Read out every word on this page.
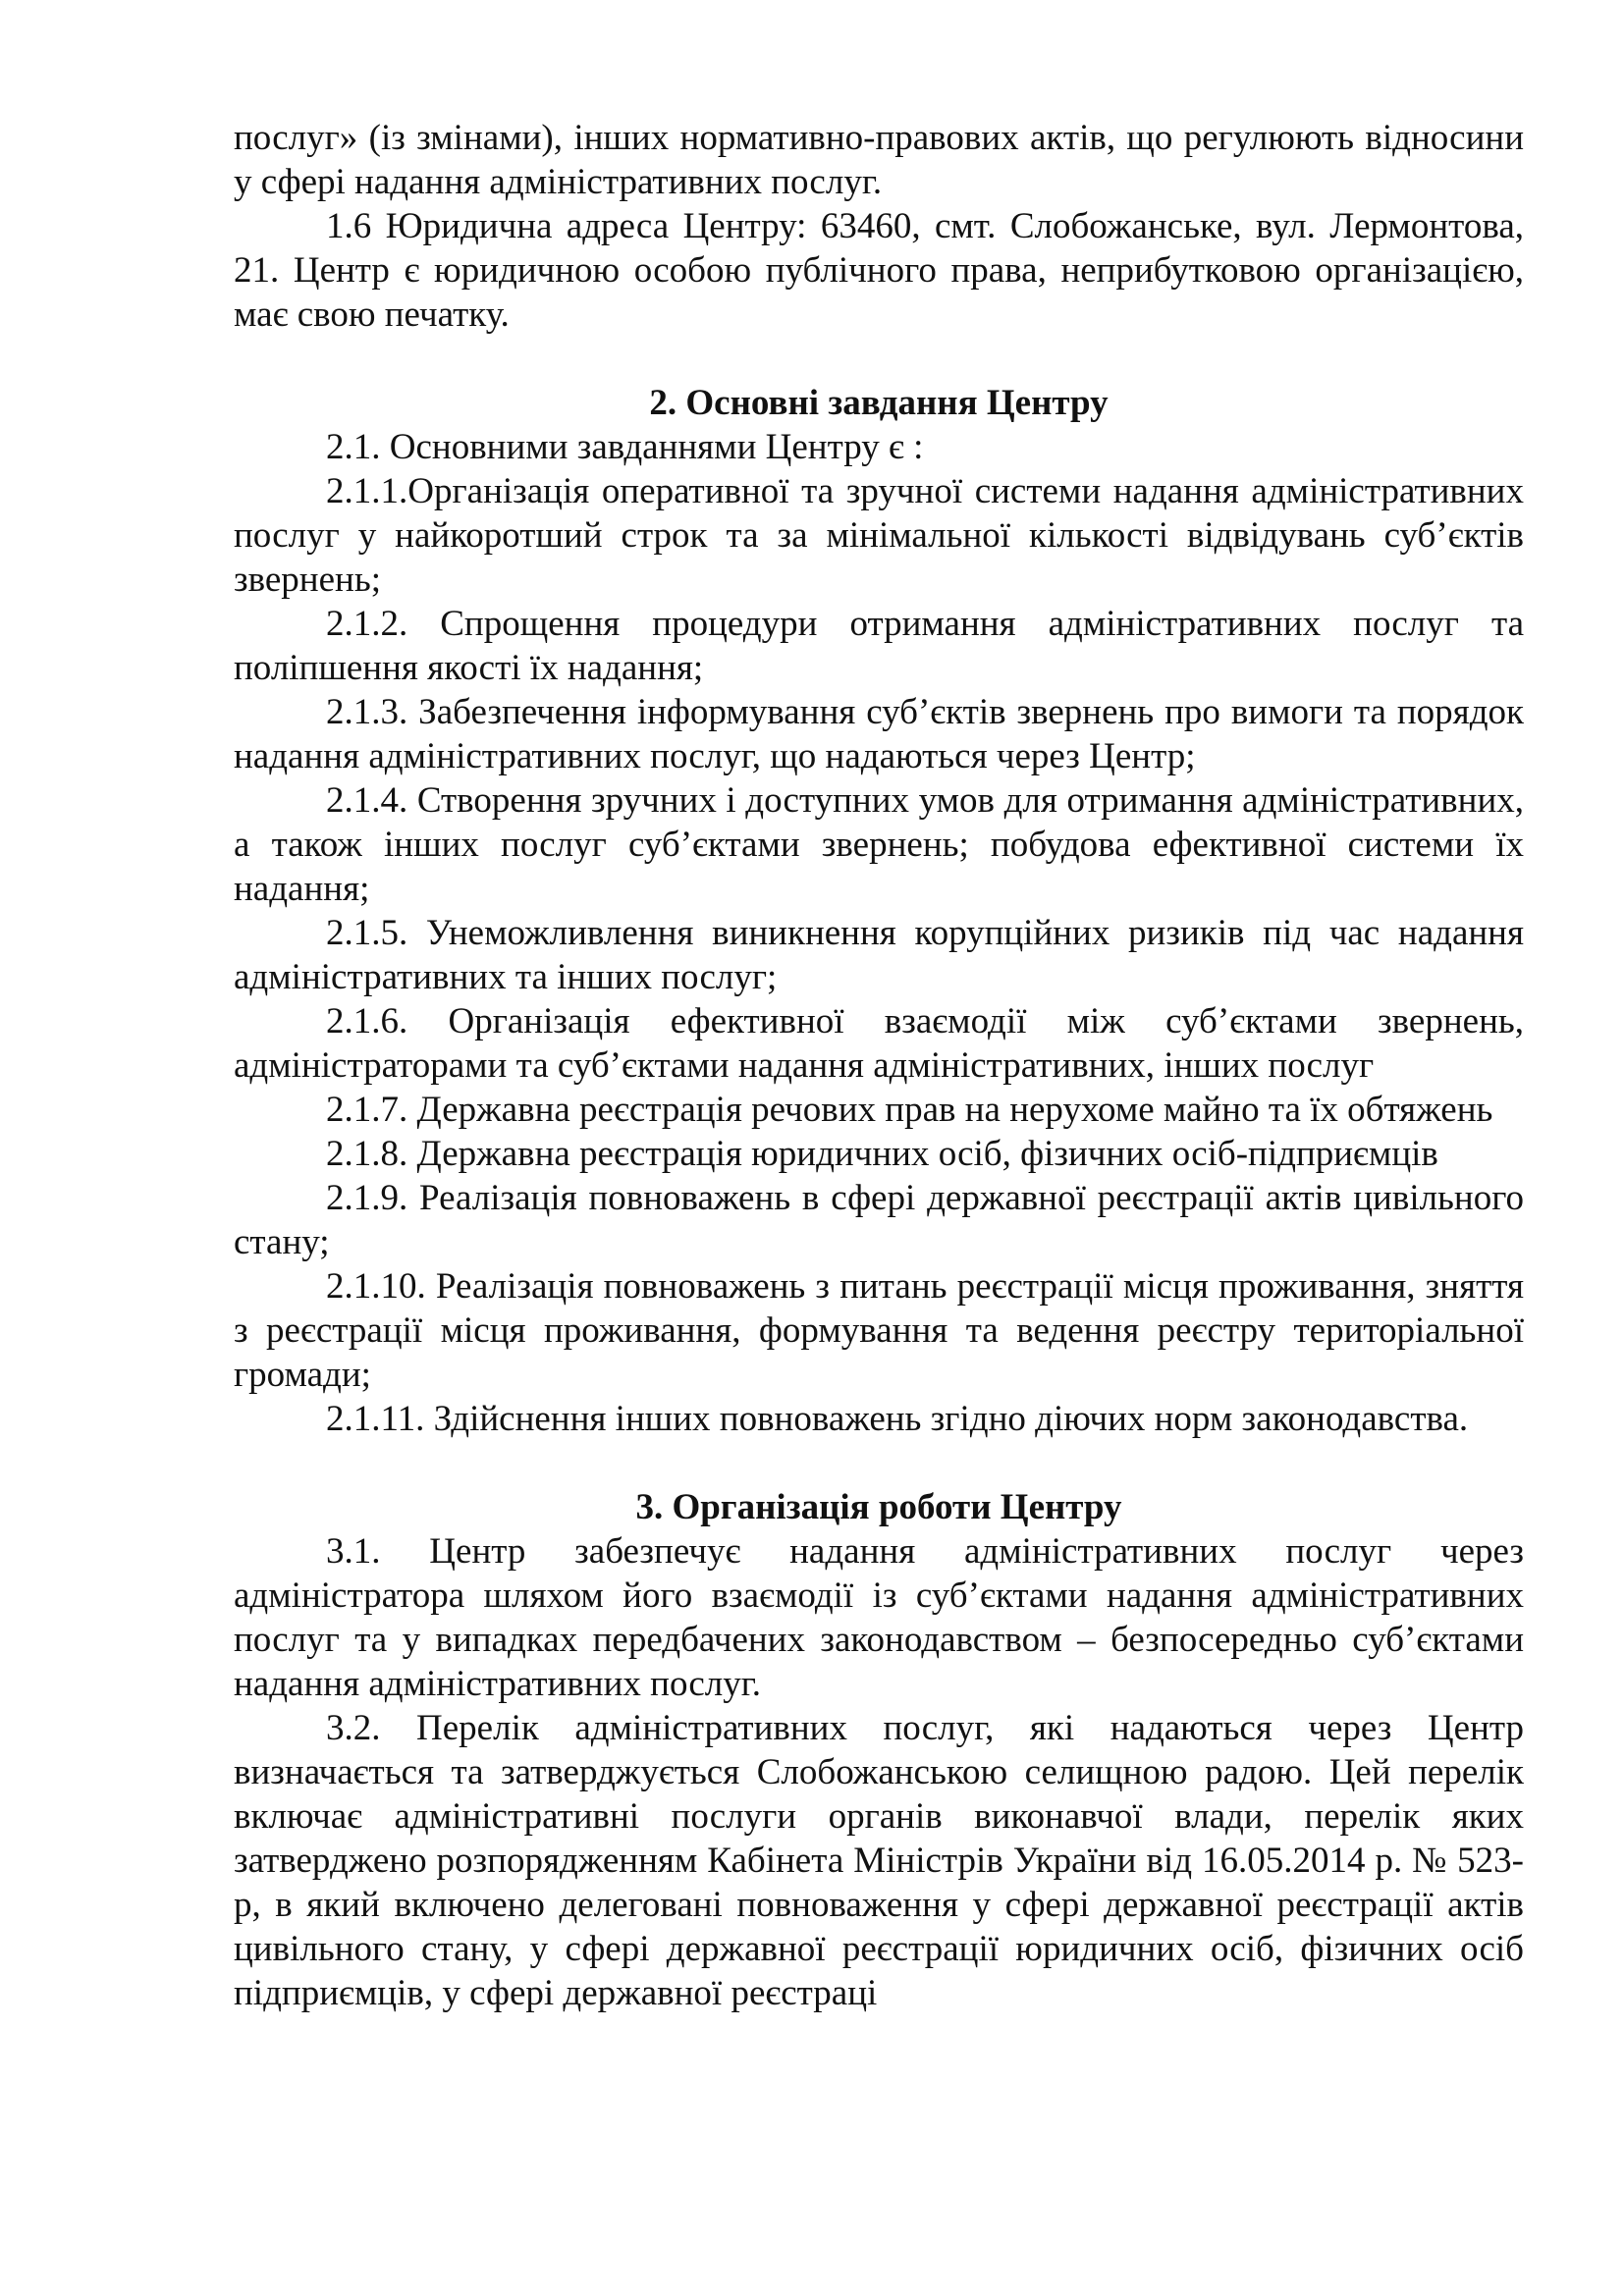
послуг» (із змінами), інших нормативно-правових актів, що регулюють відносини у сфері надання адміністративних послуг.

1.6 Юридична адреса Центру: 63460, смт. Слобожанське, вул. Лермонтова, 21. Центр є юридичною особою публічного права, неприбутковою організацією, має свою печатку.

2. Основні завдання Центру

2.1. Основними завданнями Центру є :

2.1.1.Організація оперативної та зручної системи надання адміністративних послуг у найкоротший строк та за мінімальної кількості відвідувань суб’єктів звернень;

2.1.2. Спрощення процедури отримання адміністративних послуг та поліпшення якості їх надання;

2.1.3. Забезпечення інформування суб’єктів звернень про вимоги та порядок надання адміністративних послуг, що надаються через Центр;

2.1.4. Створення зручних і доступних умов для отримання адміністративних, а також інших послуг суб’єктами звернень; побудова ефективної системи їх надання;

2.1.5. Унеможливлення виникнення корупційних ризиків під час надання адміністративних та інших послуг;

2.1.6. Організація ефективної взаємодії між суб’єктами звернень, адміністраторами та суб’єктами надання адміністративних, інших послуг

2.1.7. Державна реєстрація речових прав на нерухоме майно та їх обтяжень

2.1.8. Державна реєстрація юридичних осіб, фізичних осіб-підприємців

2.1.9. Реалізація повноважень в сфері державної реєстрації актів цивільного стану;

2.1.10. Реалізація повноважень з питань реєстрації місця проживання, зняття з реєстрації місця проживання, формування та ведення реєстру територіальної громади;

2.1.11. Здійснення інших повноважень згідно діючих норм законодавства.

3. Організація роботи Центру

3.1. Центр забезпечує надання адміністративних послуг через адміністратора шляхом його взаємодії із суб’єктами надання адміністративних послуг та у випадках передбачених законодавством – безпосередньо суб’єктами надання адміністративних послуг.

3.2. Перелік адміністративних послуг, які надаються через Центр визначається та затверджується Слобожанською селищною радою. Цей перелік включає адміністративні послуги органів виконавчої влади, перелік яких затверджено розпорядженням Кабінета Міністрів України від 16.05.2014 р. № 523-р, в який включено делеговані повноваження у сфері державної реєстрації актів цивільного стану, у сфері державної реєстрації юридичних осіб, фізичних осіб підприємців, у сфері державної реєстраці
